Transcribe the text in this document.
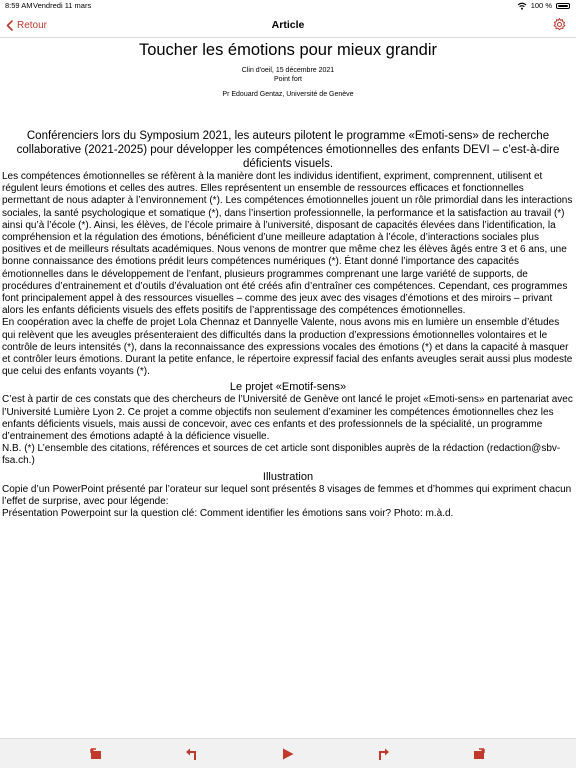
8:59 AM Vendredi 11 mars	100 %
Retour	Article
Toucher les émotions pour mieux grandir
Clin d'oeil, 15 décembre 2021
Point fort
Pr Edouard Gentaz, Université de Genève
Conférenciers lors du Symposium 2021, les auteurs pilotent le programme «Emoti-sens» de recherche collaborative (2021-2025) pour développer les compétences émotionnelles des enfants DEVI – c’est-à-dire déficients visuels.

Les compétences émotionnelles se réfèrent à la manière dont les individus identifient, expriment, comprennent, utilisent et régulent leurs émotions et celles des autres. Elles représentent un ensemble de ressources efficaces et fonctionnelles permettant de nous adapter à l’environnement (*). Les compétences émotionnelles jouent un rôle primordial dans les interactions sociales, la santé psychologique et somatique (*), dans l’insertion professionnelle, la performance et la satisfaction au travail (*) ainsi qu’à l’école (*). Ainsi, les élèves, de l’école primaire à l’université, disposant de capacités élevées dans l’identification, la compréhension et la régulation des émotions, bénéficient d’une meilleure adaptation à l’école, d’interactions sociales plus positives et de meilleurs résultats académiques. Nous venons de montrer que même chez les élèves âgés entre 3 et 6 ans, une bonne connaissance des émotions prédit leurs compétences numériques (*). Étant donné l’importance des capacités émotionnelles dans le développement de l’enfant, plusieurs programmes comprenant une large variété de supports, de procédures d’entrainement et d’outils d’évaluation ont été créés afin d’entraîner ces compétences. Cependant, ces programmes font principalement appel à des ressources visuelles – comme des jeux avec des visages d’émotions et des miroirs – privant alors les enfants déficients visuels des effets positifs de l’apprentissage des compétences émotionnelles.

En coopération avec la cheffe de projet Lola Chennaz et Dannyelle Valente, nous avons mis en lumière un ensemble d’études qui relèvent que les aveugles présenteraient des difficultés dans la production d’expressions émotionnelles volontaires et le contrôle de leurs intensités (*), dans la reconnaissance des expressions vocales des émotions (*) et dans la capacité à masquer et contrôler leurs émotions. Durant la petite enfance, le répertoire expressif facial des enfants aveugles serait aussi plus modeste que celui des enfants voyants (*).

Le projet «Emotif-sens»

C’est à partir de ces constats que des chercheurs de l’Université de Genève ont lancé le projet «Emoti-sens» en partenariat avec l’Université Lumière Lyon 2. Ce projet a comme objectifs non seulement d’examiner les compétences émotionnelles chez les enfants déficients visuels, mais aussi de concevoir, avec ces enfants et des professionnels de la spécialité, un programme d’entrainement des émotions adapté à la déficience visuelle.

N.B. (*) L’ensemble des citations, références et sources de cet article sont disponibles auprès de la rédaction (redaction@sbv-fsa.ch.)

Illustration

Copie d’un PowerPoint présenté par l’orateur sur lequel sont présentés 8 visages de femmes et d’hommes qui expriment chacun l’effet de surprise, avec pour légende:

Présentation Powerpoint sur la question clé: Comment identifier les émotions sans voir? Photo: m.à.d.
